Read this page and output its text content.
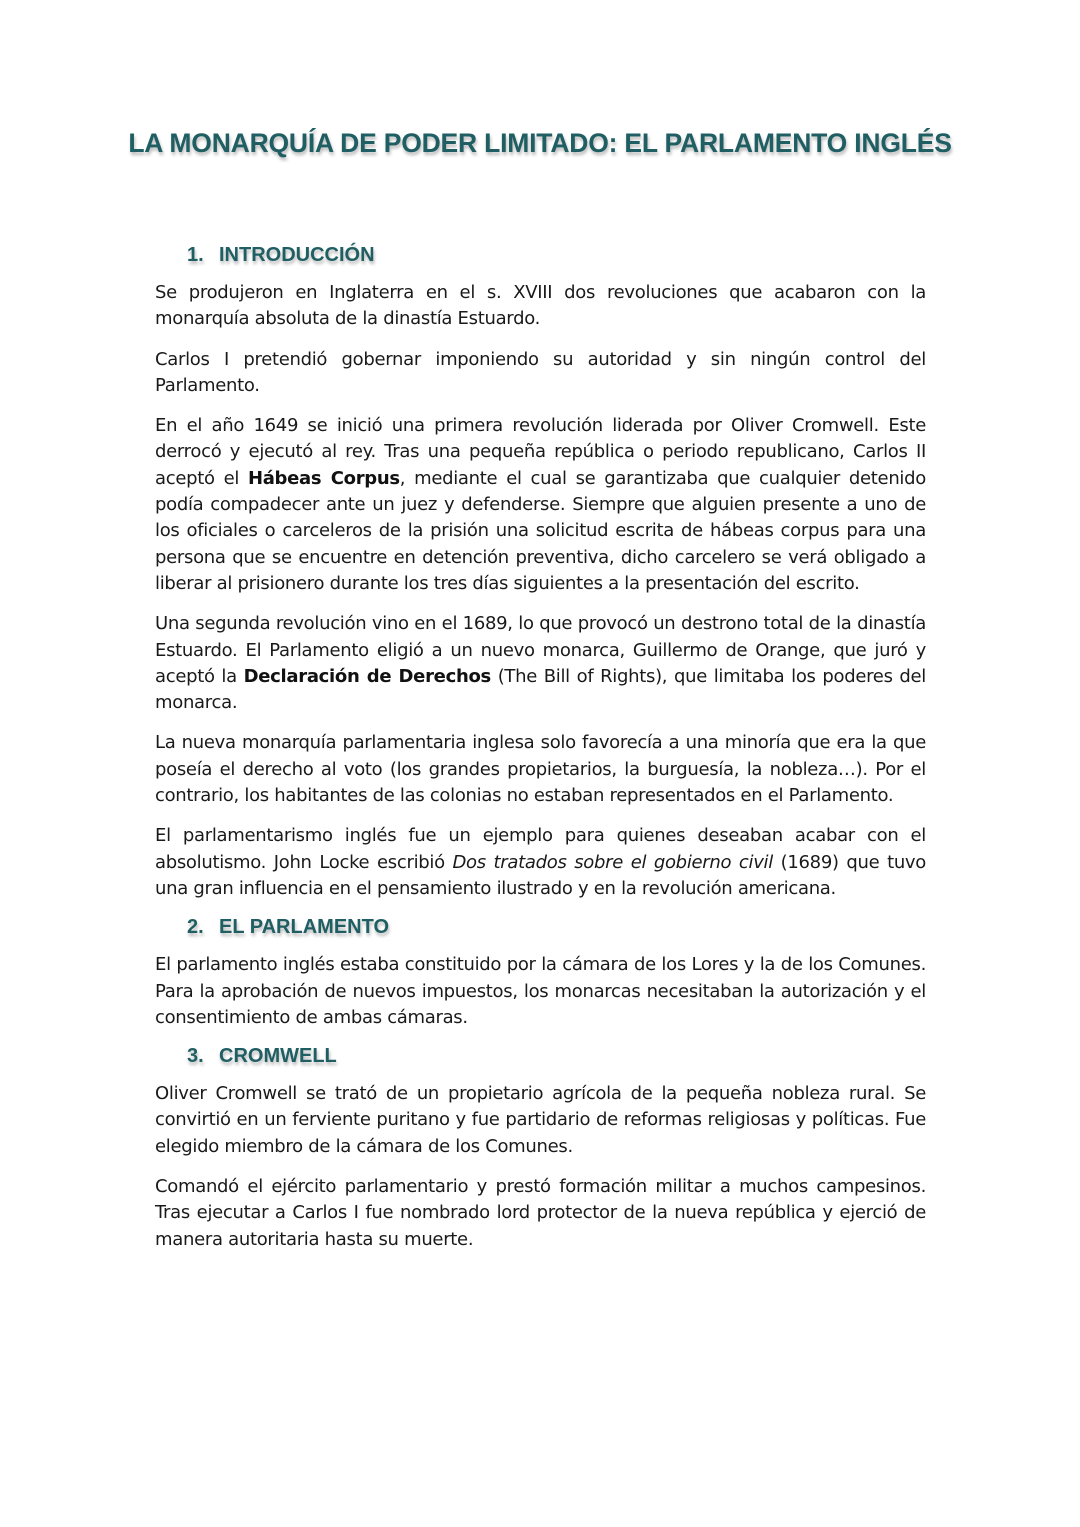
LA MONARQUÍA DE PODER LIMITADO: EL PARLAMENTO INGLÉS
1. INTRODUCCIÓN

Se produjeron en Inglaterra en el s. XVIII dos revoluciones que acabaron con la monarquía absoluta de la dinastía Estuardo.

Carlos I pretendió gobernar imponiendo su autoridad y sin ningún control del Parlamento.

En el año 1649 se inició una primera revolución liderada por Oliver Cromwell. Este derrocó y ejecutó al rey. Tras una pequeña república o periodo republicano, Carlos II aceptó el Hábeas Corpus, mediante el cual se garantizaba que cualquier detenido podía compadecer ante un juez y defenderse. Siempre que alguien presente a uno de los oficiales o carceleros de la prisión una solicitud escrita de hábeas corpus para una persona que se encuentre en detención preventiva, dicho carcelero se verá obligado a liberar al prisionero durante los tres días siguientes a la presentación del escrito.

Una segunda revolución vino en el 1689, lo que provocó un destrono total de la dinastía Estuardo. El Parlamento eligió a un nuevo monarca, Guillermo de Orange, que juró y aceptó la Declaración de Derechos (The Bill of Rights), que limitaba los poderes del monarca.

La nueva monarquía parlamentaria inglesa solo favorecía a una minoría que era la que poseía el derecho al voto (los grandes propietarios, la burguesía, la nobleza…). Por el contrario, los habitantes de las colonias no estaban representados en el Parlamento.

El parlamentarismo inglés fue un ejemplo para quienes deseaban acabar con el absolutismo. John Locke escribió Dos tratados sobre el gobierno civil (1689) que tuvo una gran influencia en el pensamiento ilustrado y en la revolución americana.

2. EL PARLAMENTO

El parlamento inglés estaba constituido por la cámara de los Lores y la de los Comunes. Para la aprobación de nuevos impuestos, los monarcas necesitaban la autorización y el consentimiento de ambas cámaras.

3. CROMWELL

Oliver Cromwell se trató de un propietario agrícola de la pequeña nobleza rural. Se convirtió en un ferviente puritano y fue partidario de reformas religiosas y políticas. Fue elegido miembro de la cámara de los Comunes.

Comandó el ejército parlamentario y prestó formación militar a muchos campesinos. Tras ejecutar a Carlos I fue nombrado lord protector de la nueva república y ejerció de manera autoritaria hasta su muerte.
